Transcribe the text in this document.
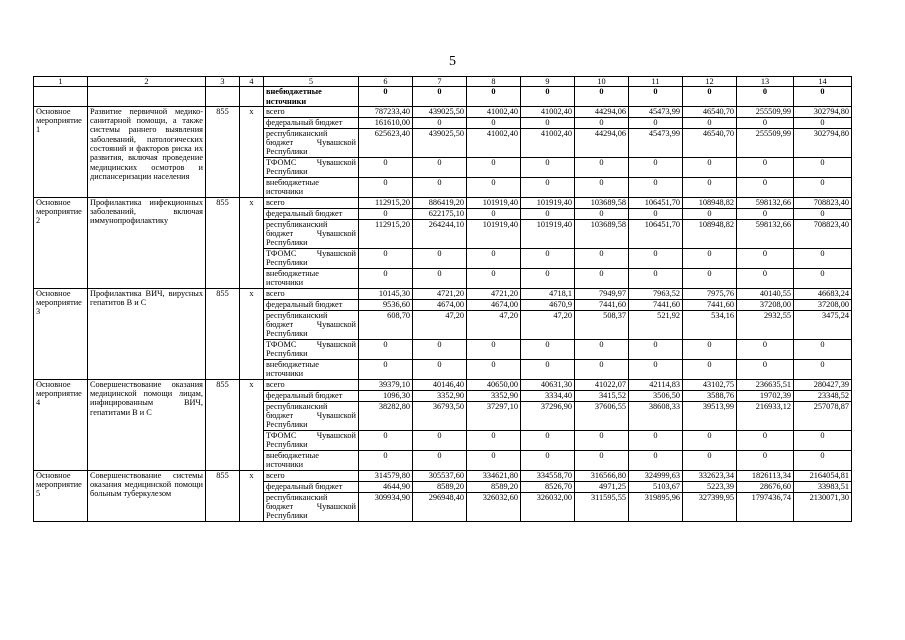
5
1	2	3	4	5	6	7	8	9	10	11	12	13	14
				внебюджетные источники	0	0	0	0	0	0	0	0	0
Основное мероприятие 1	Развитие первичной медико-санитарной помощи, а также системы раннего выявления заболеваний, патологических состояний и факторов риска их развития, включая проведение медицинских осмотров и диспансеризации населения	855	х	всего	787233,40	439025,50	41002,40	41002,40	44294,06	45473,99	46540,70	255509,99	302794,80
				федеральный бюджет	161610,00	0	0	0	0	0	0	0	0
				республиканский бюджет Чувашской Республики	625623,40	439025,50	41002,40	41002,40	44294,06	45473,99	46540,70	255509,99	302794,80
				ТФОМС Чувашской Республики	0	0	0	0	0	0	0	0	0
				внебюджетные источники	0	0	0	0	0	0	0	0	0
Основное мероприятие 2	Профилактика инфекционных заболеваний, включая иммунопрофилактику	855	х	всего	112915,20	886419,20	101919,40	101919,40	103689,58	106451,70	108948,82	598132,66	708823,40
				федеральный бюджет	0	622175,10	0	0	0	0	0	0	0
				республиканский бюджет Чувашской Республики	112915,20	264244,10	101919,40	101919,40	103689,58	106451,70	108948,82	598132,66	708823,40
				ТФОМС Чувашской Республики	0	0	0	0	0	0	0	0	0
				внебюджетные источники	0	0	0	0	0	0	0	0	0
Основное мероприятие 3	Профилактика ВИЧ, вирусных гепатитов В и С	855	х	всего	10145,30	4721,20	4721,20	4718,1	7949,97	7963,52	7975,76	40140,55	46683,24
				федеральный бюджет	9536,60	4674,00	4674,00	4670,9	7441,60	7441,60	7441,60	37208,00	37208,00
				республиканский бюджет Чувашской Республики	608,70	47,20	47,20	47,20	508,37	521,92	534,16	2932,55	3475,24
				ТФОМС Чувашской Республики	0	0	0	0	0	0	0	0	0
				внебюджетные источники	0	0	0	0	0	0	0	0	0
Основное мероприятие 4	Совершенствование оказания медицинской помощи лицам, инфицированным ВИЧ, гепатитами В и С	855	х	всего	39379,10	40146,40	40650,00	40631,30	41022,07	42114,83	43102,75	236635,51	280427,39
				федеральный бюджет	1096,30	3352,90	3352,90	3334,40	3415,52	3506,50	3588,76	19702,39	23348,52
				республиканский бюджет Чувашской Республики	38282,80	36793,50	37297,10	37296,90	37606,55	38608,33	39513,99	216933,12	257078,87
				ТФОМС Чувашской Республики	0	0	0	0	0	0	0	0	0
				внебюджетные источники	0	0	0	0	0	0	0	0	0
Основное мероприятие 5	Совершенствование системы оказания медицинской помощи больным туберкулезом	855	х	всего	314579,80	305537,60	334621,80	334558,70	316566,80	324999,63	332623,34	1826113,34	2164054,81
				федеральный бюджет	4644,90	8589,20	8589,20	8526,70	4971,25	5103,67	5223,39	28676,60	33983,51
				республиканский бюджет Чувашской Республики	309934,90	296948,40	326032,60	326032,00	311595,55	319895,96	327399,95	1797436,74	2130071,30
